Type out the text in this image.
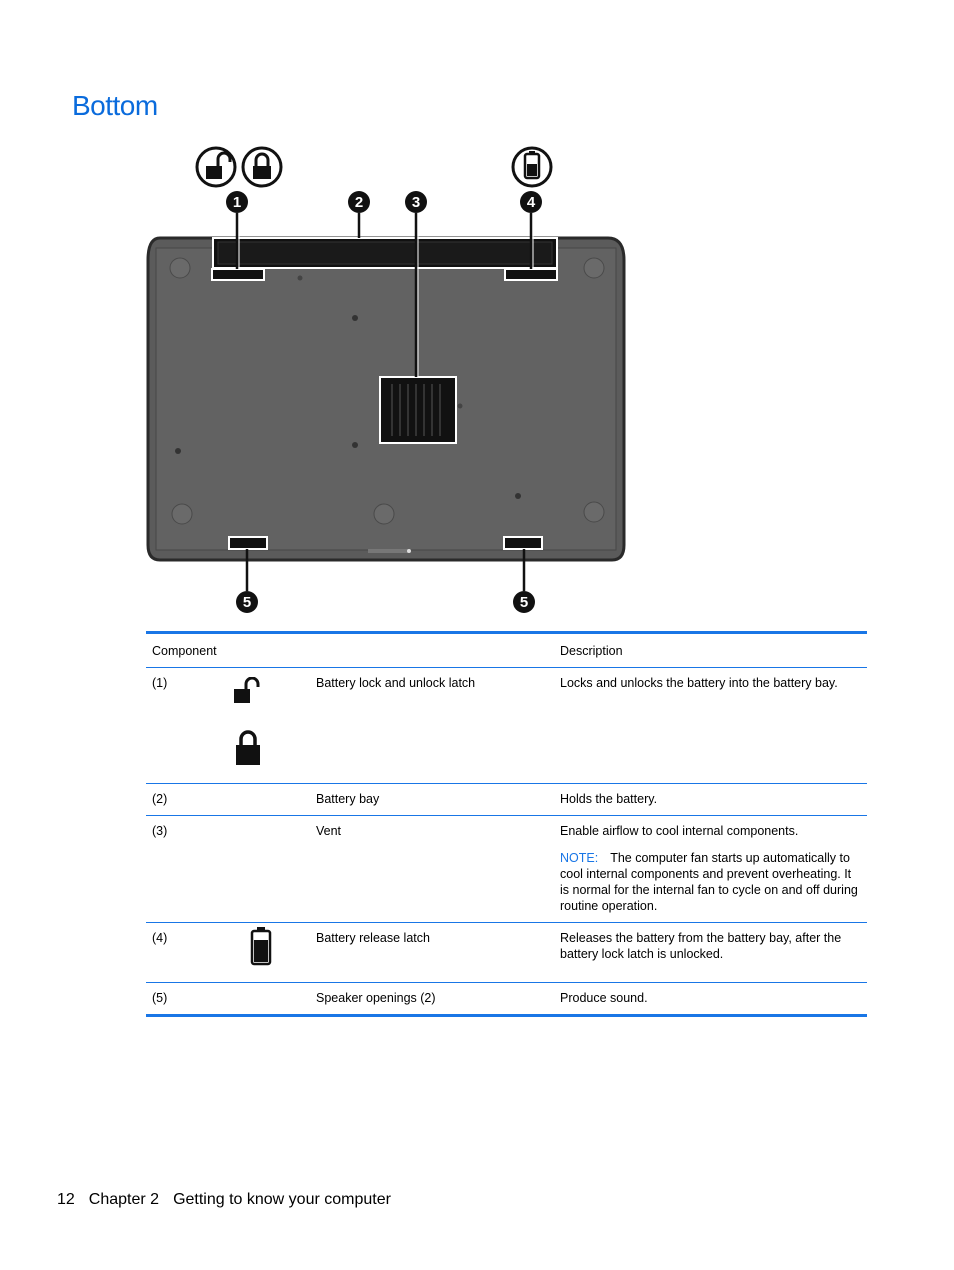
Bottom
1	2	3	4
5	5
Component			Description
(1)		Battery lock and unlock latch	Locks and unlocks the battery into the battery bay.
(2)		Battery bay	Holds the battery.
(3)		Vent	Enable airflow to cool internal components.
NOTE: The computer fan starts up automatically to cool internal components and prevent overheating. It is normal for the internal fan to cycle on and off during routine operation.

(4)		Battery release latch	Releases the battery from the battery bay, after the battery lock latch is unlocked.
(5)		Speaker openings (2)	Produce sound.
12 Chapter 2 Getting to know your computer
